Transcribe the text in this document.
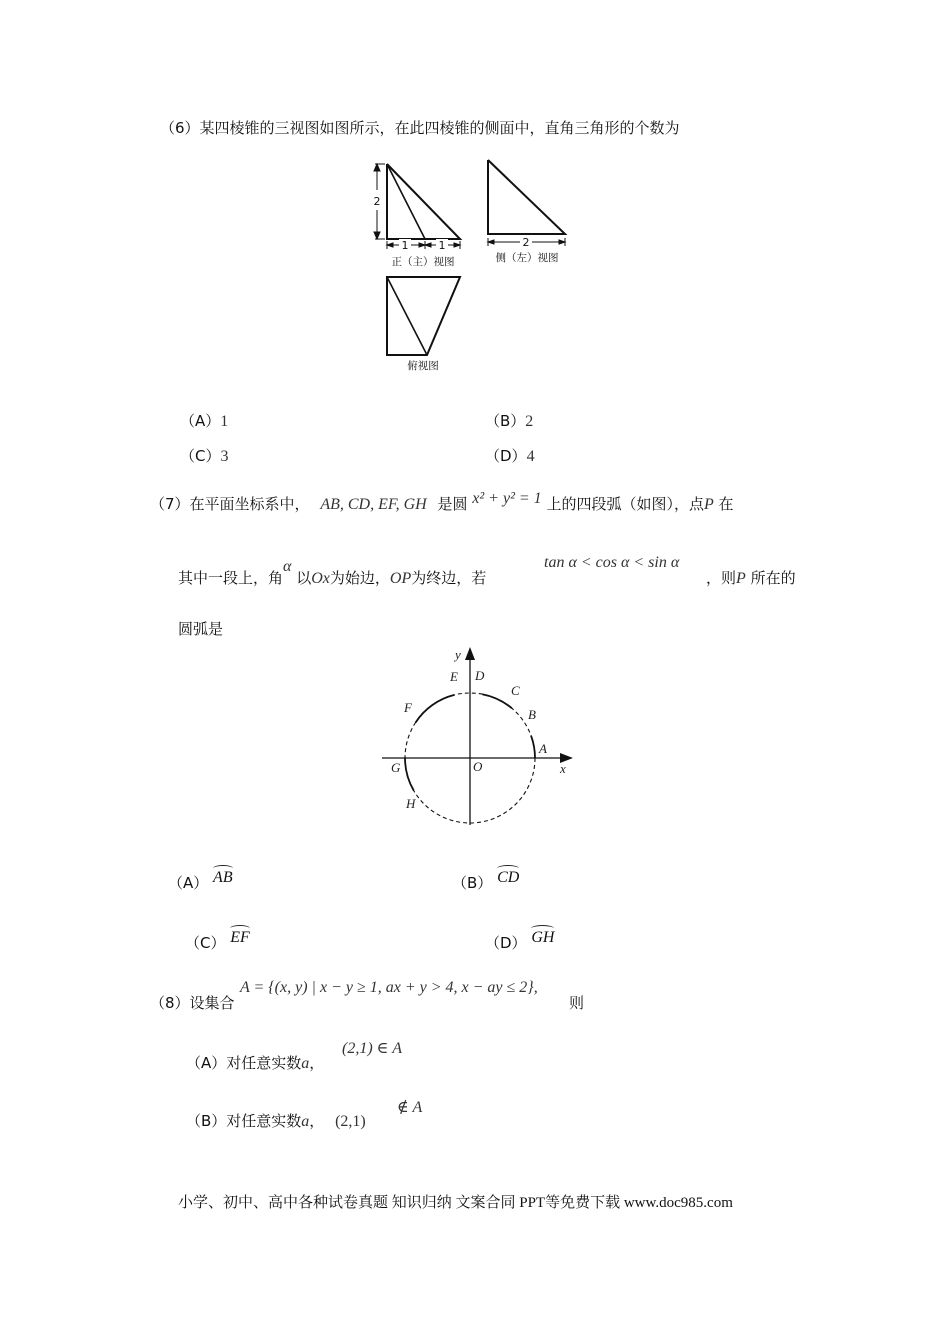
（6）某四棱锥的三视图如图所示，在此四棱锥的侧面中，直角三角形的个数为
2
1	1
正（主）视图
2
侧（左）视图
俯视图
（A）1	（B）2
（C）3	（D）4
（7）在平面坐标系中， AB, CD, EF, GH 是圆 x² + y² = 1 上的四段弧（如图），点P 在
其中一段上，角α 以Ox为始边，OP为终边，若
tan α < cos α < sin α
，则P 所在的
圆弧是
y
x
O
A
B
C
D
E
F
G
H
（A） AB	（B） CD
（C） EF	（D） GH
（8）设集合
A = {(x, y) | x − y ≥ 1, ax + y > 4, x − ay ≤ 2},
则
（A）对任意实数a，
(2,1) ∈ A
（B）对任意实数a， (2,1)
∉ A
小学、初中、高中各种试卷真题 知识归纳 文案合同 PPT等免费下载 www.doc985.com
